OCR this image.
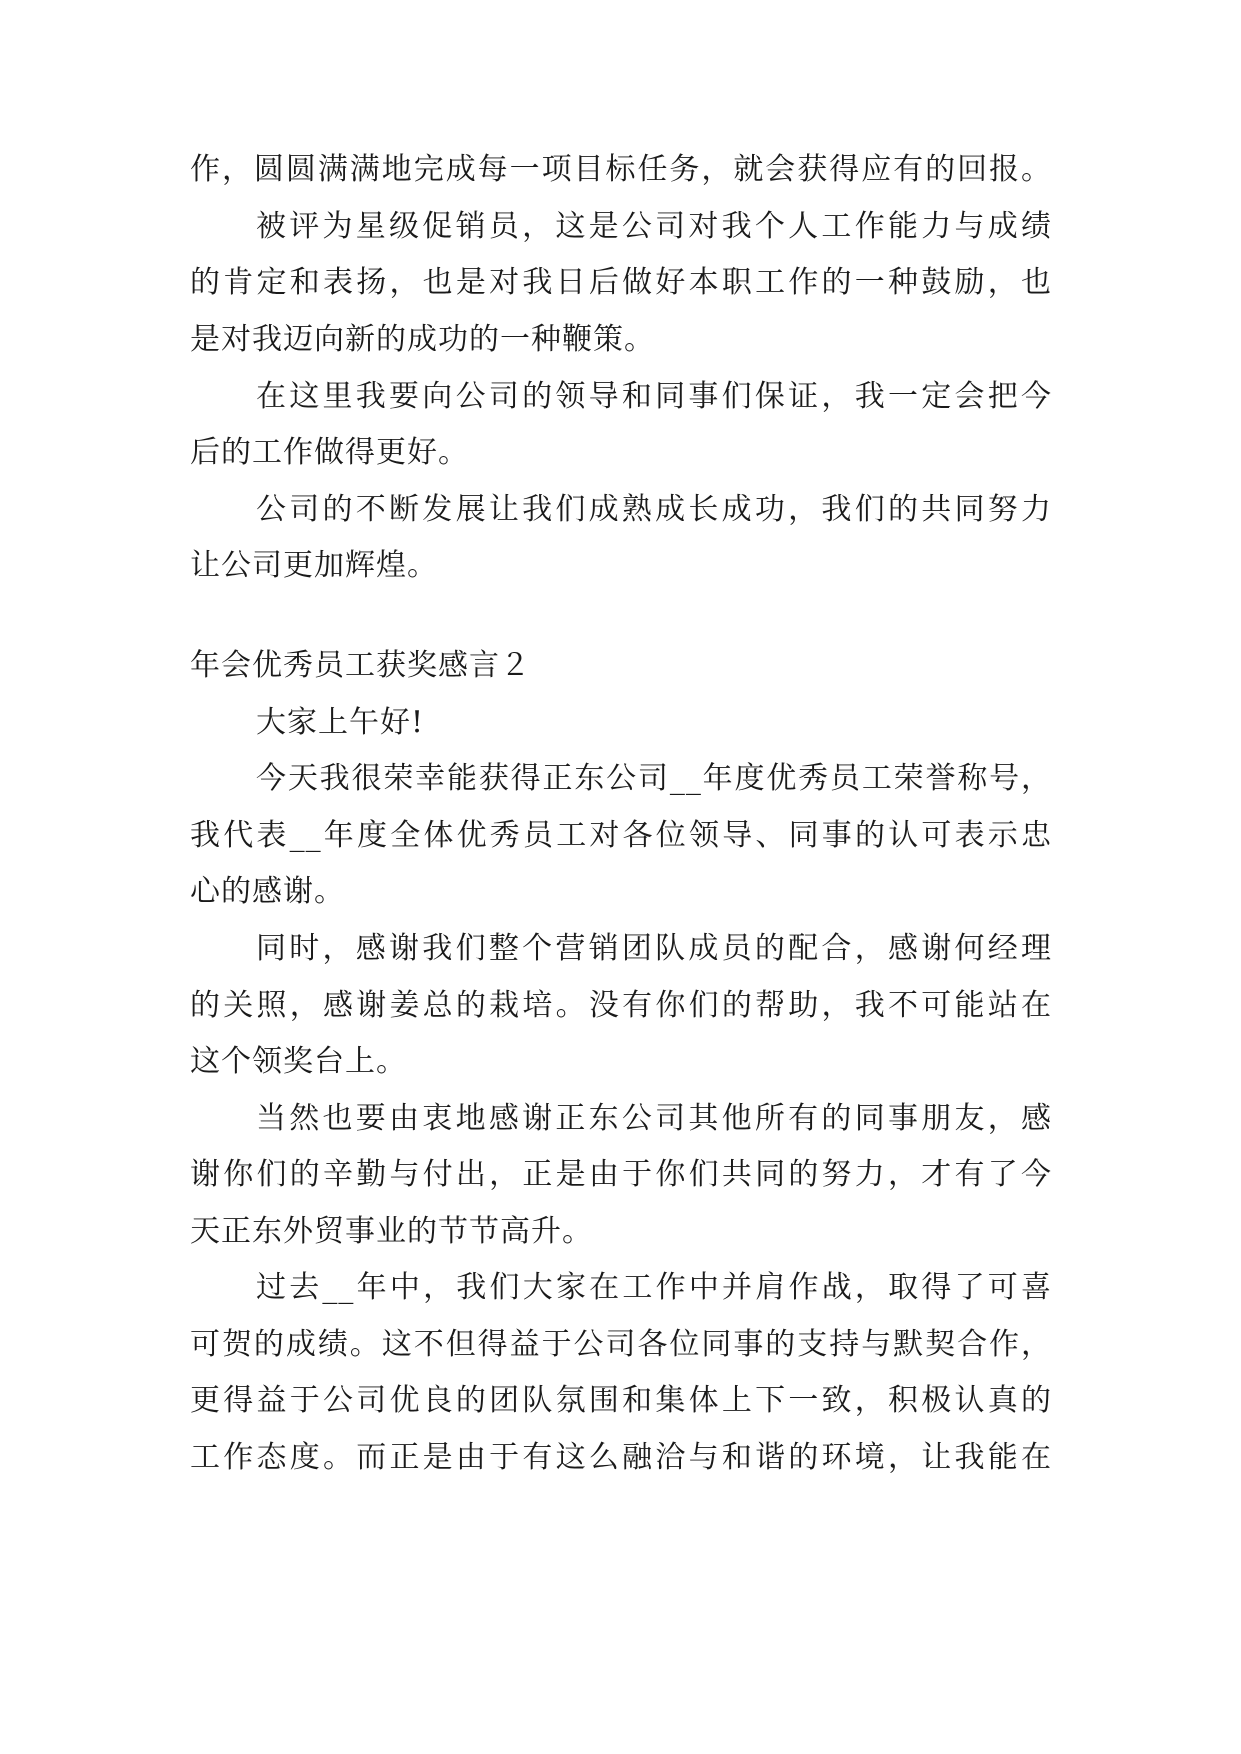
作，圆圆满满地完成每一项目标任务，就会获得应有的回报。
被评为星级促销员，这是公司对我个人工作能力与成绩
的肯定和表扬，也是对我日后做好本职工作的一种鼓励，也
是对我迈向新的成功的一种鞭策。
在这里我要向公司的领导和同事们保证，我一定会把今
后的工作做得更好。
公司的不断发展让我们成熟成长成功，我们的共同努力
让公司更加辉煌。
年会优秀员工获奖感言２
大家上午好!
今天我很荣幸能获得正东公司__年度优秀员工荣誉称号，
我代表__年度全体优秀员工对各位领导、同事的认可表示忠
心的感谢。
同时，感谢我们整个营销团队成员的配合，感谢何经理
的关照，感谢姜总的栽培。没有你们的帮助，我不可能站在
这个领奖台上。
当然也要由衷地感谢正东公司其他所有的同事朋友，感
谢你们的辛勤与付出，正是由于你们共同的努力，才有了今
天正东外贸事业的节节高升。
过去__年中，我们大家在工作中并肩作战，取得了可喜
可贺的成绩。这不但得益于公司各位同事的支持与默契合作，
更得益于公司优良的团队氛围和集体上下一致，积极认真的
工作态度。而正是由于有这么融洽与和谐的环境，让我能在
